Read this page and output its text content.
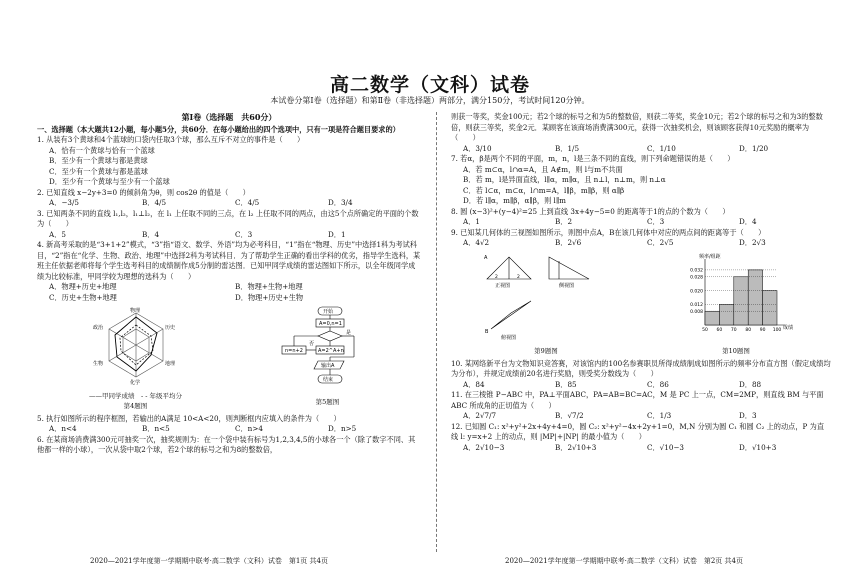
高二数学（文科）试卷
本试卷分第Ⅰ卷（选择题）和第Ⅱ卷（非选择题）两部分，满分150分，考试时间120分钟。
第Ⅰ卷（选择题　共60分）
一、选择题（本大题共12小题，每小题5分，共60分．在每小题给出的四个选项中，只有一项是符合题目要求的）
1. 从装有3个黄球和4个蓝球的口袋内任取3个球，那么互斥不对立的事件是（　　）
A．恰有一个黄球与恰有一个蓝球
B．至少有一个黄球与都是黄球
C．至少有一个黄球与都是蓝球
D．至少有一个黄球与至少有一个蓝球
2. 已知直线 x−2y+3=0 的倾斜角为θ，则 cos2θ 的值是（　　）
A．−3/5	B．4/5	C．4/5	D．3/4
3. 已知两条不同的直线 l₁,l₂，l₁⊥l₂，在 l₁ 上任取不同的三点，在 l₂ 上任取不同的两点，由这5个点所确定的平面的个数为（　　）
A．5	B．4	C．3	D．1
4. 新高考采取的是“3+1+2”模式，“3”指“语文、数学、外语”均为必考科目，“1”指在“物理、历史”中选择1科为考试科目，“2”指在“化学、生物、政治、地理”中选择2科为考试科目．为了帮助学生正确的看出学科的优劣，指导学生选科，某班主任依据老师将每个学生选考科目的成绩制作成5分制的雷达图．已知甲同学成绩的雷达图如下所示，以全年级同学成绩为比较标准，甲同学较为理想的选科为（　　）
A．物理+历史+地理	B．物理+生物+地理
C．历史+生物+地理	D．物理+历史+生物
物理
历史
地理
化学
生物
政治
——甲同学成绩　- - 年级平均分
第4题图
开始
A=0,n=1
A=2^A+n
n=n+2
否
是
输出A
结束
第5题图
5. 执行如图所示的程序框图，若输出的A满足 10<A<20，则判断框内应填入的条件为（　　）
A．n<4	B．n<5	C．n>4	D．n>5
6. 在某商场消费满300元可抽奖一次，抽奖规则为：在一个袋中装有标号为1,2,3,4,5的小球各一个（除了数字不同、其他都一样的小球），一次从袋中取2个球，若2个球的标号之和为8的整数倍，
则获一等奖，奖金100元；若2个球的标号之和为5的整数倍，则获二等奖，奖金10元；若2个球的标号之和为3的整数倍，则获三等奖，奖金2元．某顾客在该商场消费满300元，获得一次抽奖机会，则该顾客获得10元奖励的概率为（　　）
A．3/10	B．1/5	C．1/10	D．1/20
7. 若α，β是两个不同的平面，m，n，l是三条不同的直线，则下列命题错误的是（　　）
A．若 m⊂α，l∩α=A，且 A∉m，则 l与m不共面
B．若 m，l是异面直线，l∥α，m∥α，且 n⊥l，n⊥m，则 n⊥α
C．若 l⊂α，m⊂α，l∩m=A，l∥β，m∥β，则 α∥β
D．若 l∥α，m∥β，α∥β，则 l∥m
8. 圆 (x−3)²+(y−4)²=25 上到直线 3x+4y−5=0 的距离等于1的点的个数为（　　）
A．1	B．2	C．3	D．4
9. 已知某几何体的三视图如图所示，则图中点A，B在该几何体中对应的两点间的距离等于（　　）
A．4√2	B．2√6	C．2√5	D．2√3
正视图	侧视图
俯视图
A
B
2	2
第9题图
频率/组距
成绩
0.032
0.028
0.020
0.012
0.008
50 60 70 80 90 100
第10题图
10. 某网络新平台为文物知识竞答赛，对该馆内的100名参赛职员所得成绩制成如图所示的频率分布直方图（假定成绩均为分布），并规定成绩前20名进行奖励，则受奖分数线为（　　）
A．84	B．85	C．86	D．88
11. 在三棱锥 P−ABC 中，PA⊥平面ABC，PA=AB=BC=AC，M 是 PC 上一点，CM=2MP，则直线 BM 与平面 ABC 所成角的正切值为（　　）
A．2√7/7	B．√7/2	C．1/3	D．3
12. 已知圆 C₁: x²+y²+2x+4y+4=0，圆 C₂: x²+y²−4x+2y+1=0，M,N 分别为圆 C₁ 和圆 C₂ 上的动点，P 为直线 l: y=x+2 上的动点，则 |MP|+|NP| 的最小值为（　　）
A．2√10−3	B．2√10+3	C．√10−3	D．√10+3
2020—2021学年度第一学期期中联考·高二数学（文科）试卷　第1页 共4页	2020—2021学年度第一学期期中联考·高二数学（文科）试卷　第2页 共4页
